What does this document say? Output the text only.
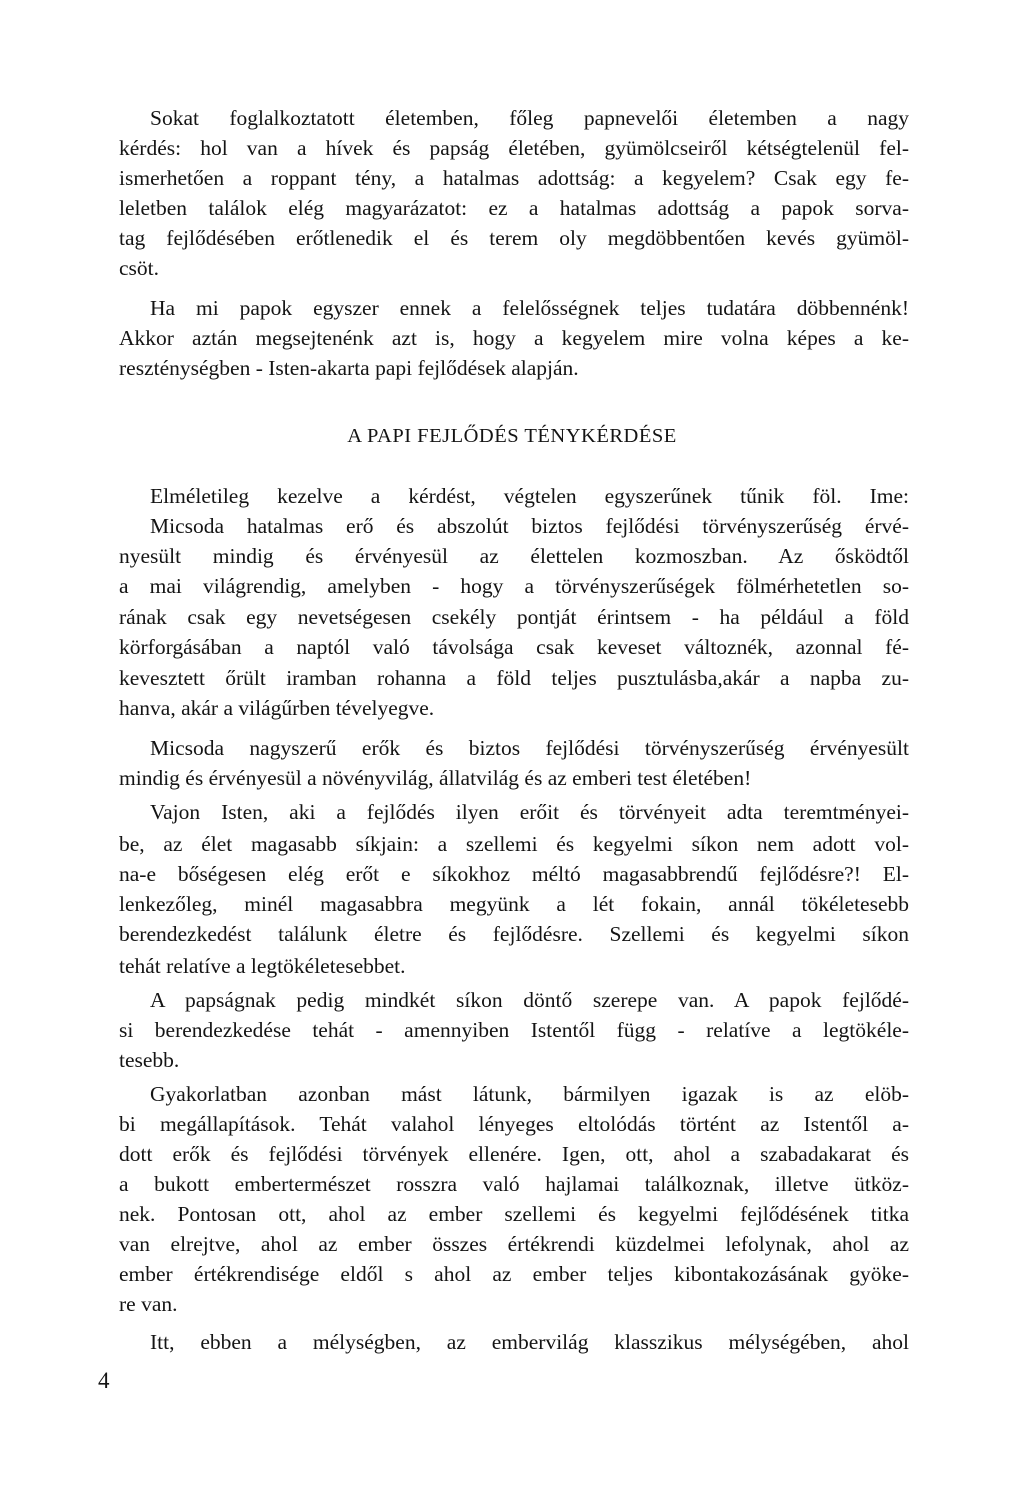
Sokat foglalkoztatott életemben, főleg papnevelői életemben a nagy
kérdés: hol van a hívek és papság életében, gyümölcseiről kétségtelenül fel-
ismerhetően a roppant tény, a hatalmas adottság: a kegyelem? Csak egy fe-
leletben találok elég magyarázatot: ez a hatalmas adottság a papok sorva-
tag fejlődésében erőtlenedik el és terem oly megdöbbentően kevés gyümöl-
csöt.
Ha mi papok egyszer ennek a felelősségnek teljes tudatára döbbennénk!
Akkor aztán megsejtenénk azt is, hogy a kegyelem mire volna képes a ke-
reszténységben - Isten-akarta papi fejlődések alapján.
A PAPI FEJLŐDÉS TÉNYKÉRDÉSE
Elméletileg kezelve a kérdést, végtelen egyszerűnek tűnik föl. Ime:
Micsoda hatalmas erő és abszolút biztos fejlődési törvényszerűség érvé-
nyesült mindig és érvényesül az élettelen kozmoszban. Az ősködtől
a mai világrendig, amelyben - hogy a törvényszerűségek fölmérhetetlen so-
rának csak egy nevetségesen csekély pontját érintsem - ha például a föld
körforgásában a naptól való távolsága csak keveset változnék, azonnal fé-
kevesztett őrült iramban rohanna a föld teljes pusztulásba,akár a napba zu-
hanva, akár a világűrben tévelyegve.
Micsoda nagyszerű erők és biztos fejlődési törvényszerűség érvényesült
mindig és érvényesül a növényvilág, állatvilág és az emberi test életében!
Vajon Isten, aki a fejlődés ilyen erőit és törvényeit adta teremtményei-
be, az élet magasabb síkjain: a szellemi és kegyelmi síkon nem adott vol-
na-e bőségesen elég erőt e síkokhoz méltó magasabbrendű fejlődésre?! El-
lenkezőleg, minél magasabbra megyünk a lét fokain, annál tökéletesebb
berendezkedést találunk életre és fejlődésre. Szellemi és kegyelmi síkon
tehát relatíve a legtökéletesebbet.
A papságnak pedig mindkét síkon döntő szerepe van. A papok fejlődé-
si berendezkedése tehát - amennyiben Istentől függ - relatíve a legtökéle-
tesebb.
Gyakorlatban azonban mást látunk, bármilyen igazak is az elöb-
bi megállapítások. Tehát valahol lényeges eltolódás történt az Istentől a-
dott erők és fejlődési törvények ellenére. Igen, ott, ahol a szabadakarat és
a bukott embertermészet rosszra való hajlamai találkoznak, illetve ütköz-
nek. Pontosan ott, ahol az ember szellemi és kegyelmi fejlődésének titka
van elrejtve, ahol az ember összes értékrendi küzdelmei lefolynak, ahol az
ember értékrendisége eldől s ahol az ember teljes kibontakozásának gyöke-
re van.
Itt, ebben a mélységben, az embervilág klasszikus mélységében, ahol
4
